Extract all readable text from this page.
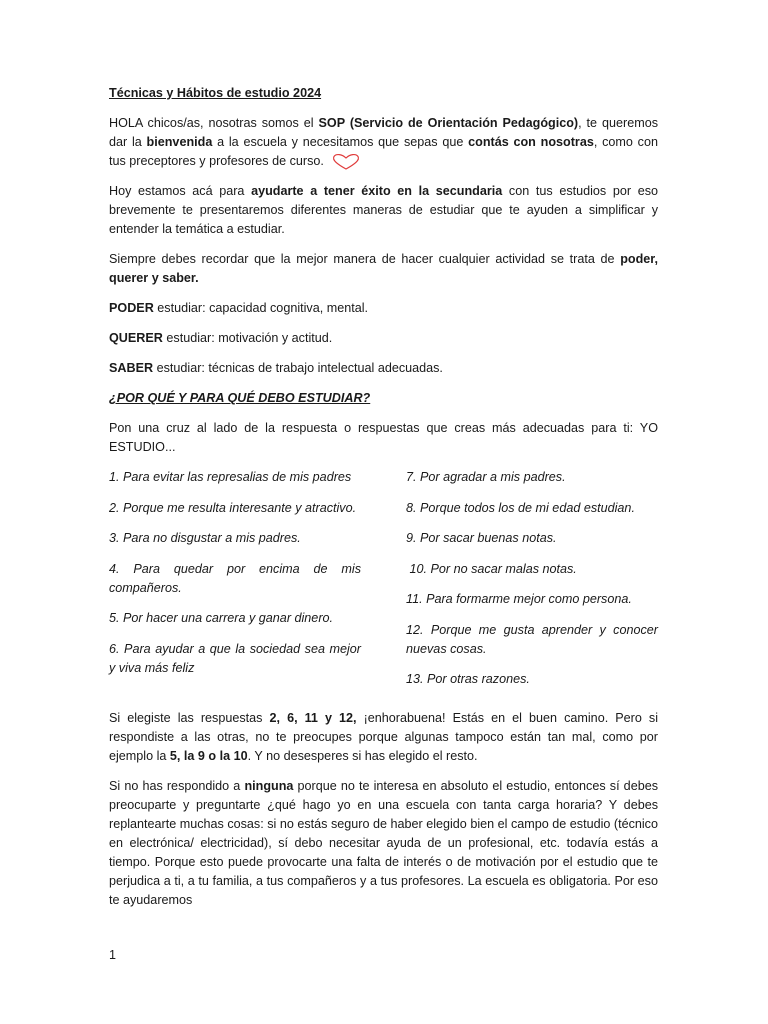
Técnicas y Hábitos de estudio 2024

HOLA chicos/as, nosotras somos el SOP (Servicio de Orientación Pedagógico), te queremos dar la bienvenida a la escuela y necesitamos que sepas que contás con nosotras, como con tus preceptores y profesores de curso.

Hoy estamos acá para ayudarte a tener éxito en la secundaria con tus estudios por eso brevemente te presentaremos diferentes maneras de estudiar que te ayuden a simplificar y entender la temática a estudiar.

Siempre debes recordar que la mejor manera de hacer cualquier actividad se trata de poder, querer y saber.

PODER estudiar: capacidad cognitiva, mental.

QUERER estudiar: motivación y actitud.

SABER estudiar: técnicas de trabajo intelectual adecuadas.

¿POR QUÉ Y PARA QUÉ DEBO ESTUDIAR?

Pon una cruz al lado de la respuesta o respuestas que creas más adecuadas para ti: YO ESTUDIO...

1. Para evitar las represalias de mis padres
2. Porque me resulta interesante y atractivo.
3. Para no disgustar a mis padres.
4. Para quedar por encima de mis compañeros.
5. Por hacer una carrera y ganar dinero.
6. Para ayudar a que la sociedad sea mejor y viva más feliz
7. Por agradar a mis padres.
8. Porque todos los de mi edad estudian.
9. Por sacar buenas notas.
10. Por no sacar malas notas.
11. Para formarme mejor como persona.
12. Porque me gusta aprender y conocer nuevas cosas.
13. Por otras razones.

Si elegiste las respuestas 2, 6, 11 y 12, ¡enhorabuena! Estás en el buen camino. Pero si respondiste a las otras, no te preocupes porque algunas tampoco están tan mal, como por ejemplo la 5, la 9 o la 10. Y no desesperes si has elegido el resto.

Si no has respondido a ninguna porque no te interesa en absoluto el estudio, entonces sí debes preocuparte y preguntarte ¿qué hago yo en una escuela con tanta carga horaria? Y debes replantearte muchas cosas: si no estás seguro de haber elegido bien el campo de estudio (técnico en electrónica/ electricidad), sí debo necesitar ayuda de un profesional, etc. todavía estás a tiempo. Porque esto puede provocarte una falta de interés o de motivación por el estudio que te perjudica a ti, a tu familia, a tus compañeros y a tus profesores. La escuela es obligatoria. Por eso te ayudaremos

1
